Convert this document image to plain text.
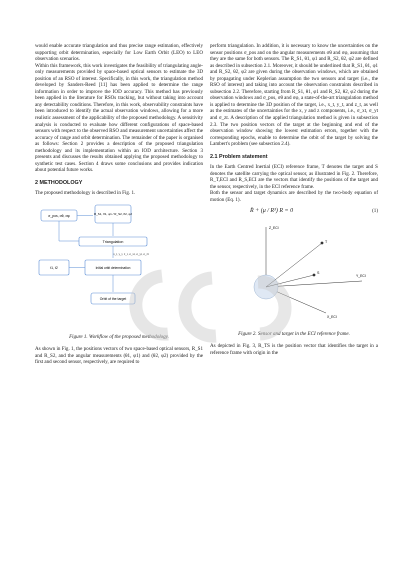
would enable accurate triangulation and thus precise range estimation, effectively supporting orbit determination, especially for Low Earth Orbit (LEO) to LEO observation scenarios.

Within this framework, this work investigates the feasibility of triangulating angle-only measurements provided by space-based optical sensors to estimate the 3D position of an RSO of interest. Specifically, in this work, the triangulation method developed by Sanders-Reed [11] has been applied to determine the range information in order to improve the IOD accuracy. This method has previously been applied in the literature for RSOs tracking, but without taking into account any detectability conditions. Therefore, in this work, observability constraints have been introduced to identify the actual observation windows, allowing for a more realistic assessment of the applicability of the proposed methodology. A sensitivity analysis is conducted to evaluate how different configurations of space-based sensors with respect to the observed RSO and measurement uncertainties affect the accuracy of range and orbit determination. The remainder of the paper is organised as follows: Section 2 provides a description of the proposed triangulation methodology and its implementation within an IOD architecture. Section 3 presents and discusses the results obtained applying the proposed methodology to synthetic test cases. Section 4 draws some conclusions and provides indication about potential future works.

2 METHODOLOGY

The proposed methodology is described in Fig. 1.

σ_pos, σθ, σφ	R_S1, θ1, φ1 / R_S2, θ2, φ2
Triangulation
x_t, y_t, z_t, σ_xt, σ_yt, σ_zt
Initial orbit determination
t1, t2
Orbit of the target

Figure 1. Workflow of the proposed methodology.

As shown in Fig. 1, the positions vectors of two space-based optical sensors, R_S1 and R_S2, and the angular measurements (θ1, φ1) and (θ2, φ2) provided by the first and second sensor, respectively, are required to

perform triangulation. In addition, it is necessary to know the uncertainties on the sensor positions σ_pos and on the angular measurements σθ and σφ, assuming that they are the same for both sensors. The R_S1, θ1, φ1 and R_S2, θ2, φ2 are defined as described in subsection 2.1. Moreover, it should be underlined that R_S1, θ1, φ1 and R_S2, θ2, φ2 are given during the observation windows, which are obtained by propagating under Keplerian assumption the two sensors and target (i.e., the RSO of interest) and taking into account the observation constraints described in subsection 2.2. Therefore, starting from R_S1, θ1, φ1 and R_S2, θ2, φ2 during the observation windows and σ_pos, σθ and σφ, a state-of-the-art triangulation method is applied to determine the 3D position of the target, i.e., x_t, y_t, and z_t, as well as the estimates of the uncertainties for the x, y and z components, i.e., σ_xt, σ_yt and σ_zt. A description of the applied triangulation method is given in subsection 2.3. The two position vectors of the target at the beginning and end of the observation window showing the lowest estimation errors, together with the corresponding epochs, enable to determine the orbit of the target by solving the Lambert's problem (see subsection 2.4).

2.1 Problem statement

In the Earth Centred Inertial (ECI) reference frame, T denotes the target and S denotes the satellite carrying the optical sensor, as illustrated in Fig. 2. Therefore, R_T,ECI and R_S,ECI are the vectors that identify the positions of the target and the sensor, respectively, in the ECI reference frame.

Both the sensor and target dynamics are described by the two-body equation of motion (Eq. 1).

R̈ + (μ / R³) R = 0	(1)
Z_ECI
X_ECI
Y_ECI
T
S

Figure 2. Sensor and target in the ECI reference frame.

As depicted in Fig. 3, R_TS is the position vector that identifies the target in a reference frame with origin in the
